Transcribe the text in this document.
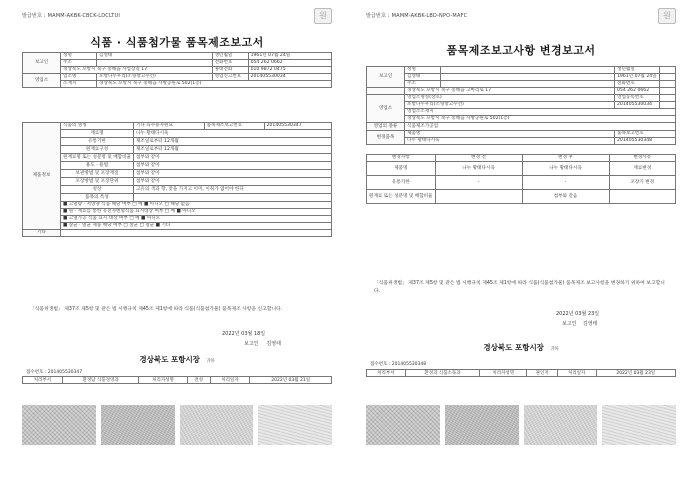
발급번호 : MAMM-AKBK-CBCK-LDCLTUI	원
식품 · 식품첨가물 품목제조보고서
보고인	성명	김영태	생년월일	1961년 07월 24일
	주소		전화번호	054 262 0662
	경상북도 포항시 북구 흥해읍 사업장길 17		휴대전화	010 9872 0475
영업소	업소명	포항나누우리(소형창고수선)	영업신고번호	201405530034
	소재지	경상북도 포항시 북구 흥해읍 사방공원로 502(1층)		
제품정보	식품의 명칭	기다 육수용자원묘	품목제조보고번호	201405530347
	재료명	나누 황태다시육		
	유통기한	제조일로부터 12개월		
	원재료구성	제조일로부터 12개월		
	원재료명 또는 성분명 및 배합비율	첨부와 같이		
	용도 · 용법	첨부와 같이		
	보관방법 및 포장재질	첨부와 같이		
	포장방법 및 포장단위	첨부와 같이		
	성상	고유의 색과 향, 맛을 가지고 이미, 이취가 없어야 한다		
	품목의 특성			
	■ 고열량 · 저영양 식품 해당 여부 □ 예 ■ 아니오 □ 해당 없음			
	■ 원 · 재료를 통한 유전자변형식품 표시대상 여부 □ 예 ■ 아니오			
	■ 고열가공 식품 표시 대상 여부 □ 예 ■ 아니오			
	■ 살균 · 멸균 제품 해당 여부 □ 살균 □ 멸균 ■ 기타			
기타				
「식품위생법」 제37조 제5항 및 같은 법 시행규칙 제45조 제1항에 따라 식품(식품첨가물) 품목제조 사항을 신고합니다.
2022년 03월 18일
보고인 김영태
경상북도 포항시장 귀하
접수번호 : 201405530347
처리부서	환경담 식품경영과	처리자성명	전성	처리일자	2022년 03월 21일
발급번호 : MAMM-AKBK-LBD-NPO-MAFC	원
품목제조보고사항 변경보고서
보고인	성명		생년월일	
	김영태		1961년 07월 24일	
	주소		전화번호	
	경상북도 포항시 북구 흥해읍 고마리로 17		054 262 0662	
영업소	영업소명칭(상호)		영업등록번호	
	포항나누우리(소형창고수선)		201405530034	
	영업소소재지			
	경상북도 포항시 북구 흥해읍 사방공원로 502(1층)			
영업의 종류	식품제조가공업			
변경품목	제품명		품목보고번호	
	나누 황태다시육		201405530348	
변경사항	변경 전	변경 후	변경사유
제품명	나누 황태다시육	나누 황태다시육	재료변경
유통기한	-	-	포장기 변경
원재료 또는 성분명 및 배합비율		첨부와 같음	
「식품위생법」 제37조 제5항 및 같은 법 시행규칙 제45조 제1항에 따라 식품(식품첨가물) 품목제조 보고사항을 변경하기 위하여 보고합니다.
2022년 03월 23일
보고인 김영태
경상북도 포항시장 귀하
접수번호 : 201405530348
처리부서	환경과 식품소독과	처리자성명	권인지	처리일자	2022년 03월 23일
